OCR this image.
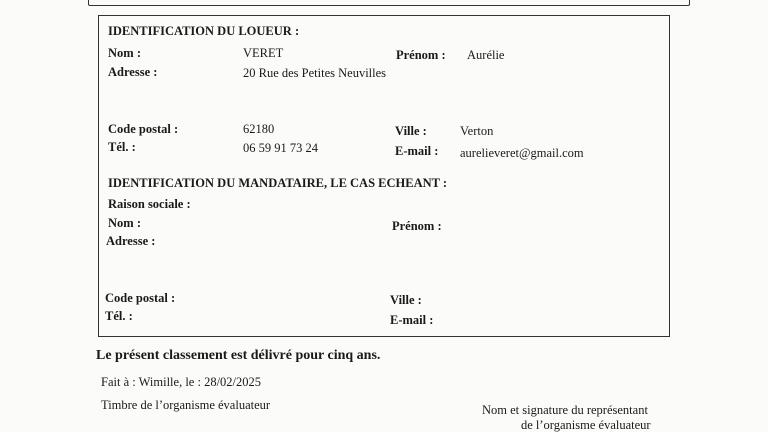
IDENTIFICATION DU LOUEUR :
Nom :	VERET	Prénom : Aurélie
Adresse :	20 Rue des Petites Neuvilles
Code postal :	62180	Ville :	Verton
Tél. :	06 59 91 73 24	E-mail : aurelieveret@gmail.com
IDENTIFICATION DU MANDATAIRE, LE CAS ECHEANT :
Raison sociale :
Nom :	Prénom :
Adresse :
Code postal :	Ville :
Tél. :	E-mail :
Le présent classement est délivré pour cinq ans.
Fait à : Wimille, le : 28/02/2025
Timbre de l’organisme évaluateur	Nom et signature du représentant
de l’organisme évaluateur
